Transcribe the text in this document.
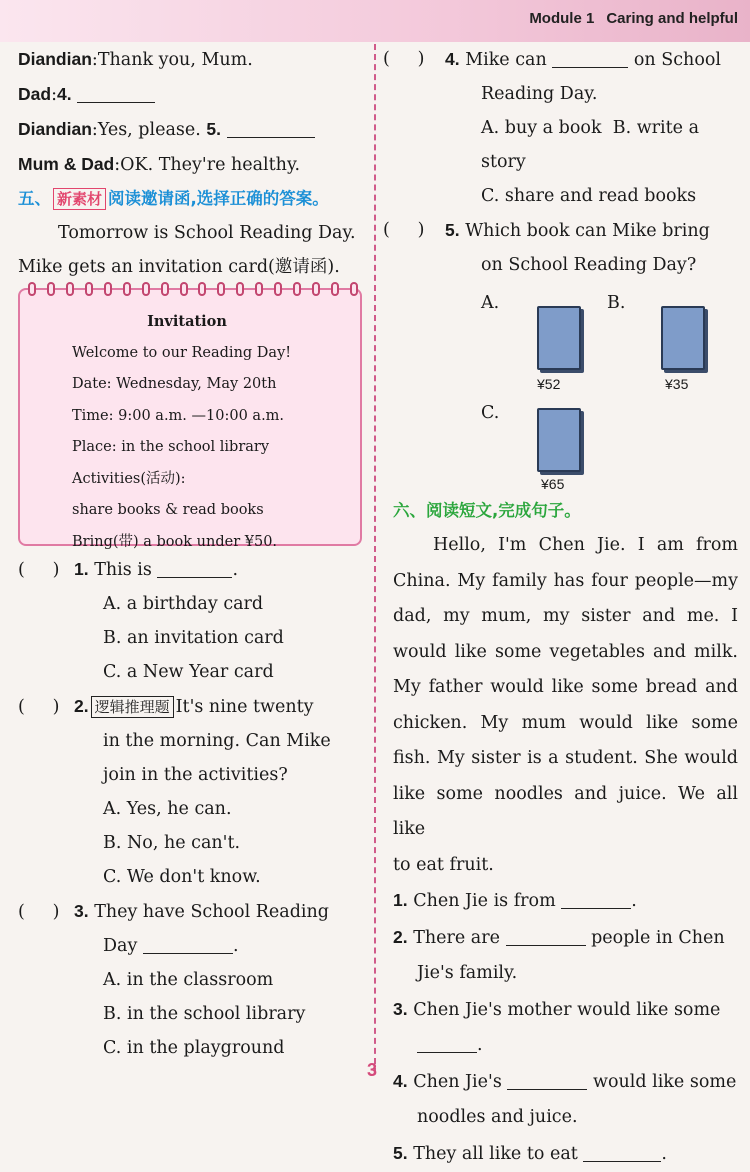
Module 1 Caring and helpful
Diandian:Thank you, Mum.
Dad:4.
Diandian:Yes, please. 5.
Mum & Dad:OK. They're healthy.
五、 新素材 阅读邀请函,选择正确的答案。
Tomorrow is School Reading Day.
Mike gets an invitation card(邀请函).
Invitation
Welcome to our Reading Day!
Date: Wednesday, May 20th
Time: 9:00 a.m. —10:00 a.m.
Place: in the school library
Activities(活动):
share books & read books
Bring(带) a book under ¥50.
(     ) 1. This is	.
A. a birthday card
B. an invitation card
C. a New Year card
(     ) 2. 逻辑推理题 It's nine twenty
in the morning. Can Mike
join in the activities?
A. Yes, he can.
B. No, he can't.
C. We don't know.
(     ) 3. They have School Reading
Day	.
A. in the classroom
B. in the school library
C. in the playground
(     ) 4. Mike can	on School
Reading Day.
A. buy a book B. write a story
C. share and read books
(     ) 5. Which book can Mike bring
on School Reading Day?
A.
¥52
B.
¥35
C.
¥65
六、阅读短文,完成句子。
Hello, I'm Chen Jie. I am from
China. My family has four people—my
dad, my mum, my sister and me. I
would like some vegetables and milk.
My father would like some bread and
chicken. My mum would like some
fish. My sister is a student. She would
like some noodles and juice. We all like
to eat fruit.
1. Chen Jie is from	.
2. There are	people in Chen
Jie's family.
3. Chen Jie's mother would like some
.
4. Chen Jie's	would like some
noodles and juice.
5. They all like to eat	.
3
